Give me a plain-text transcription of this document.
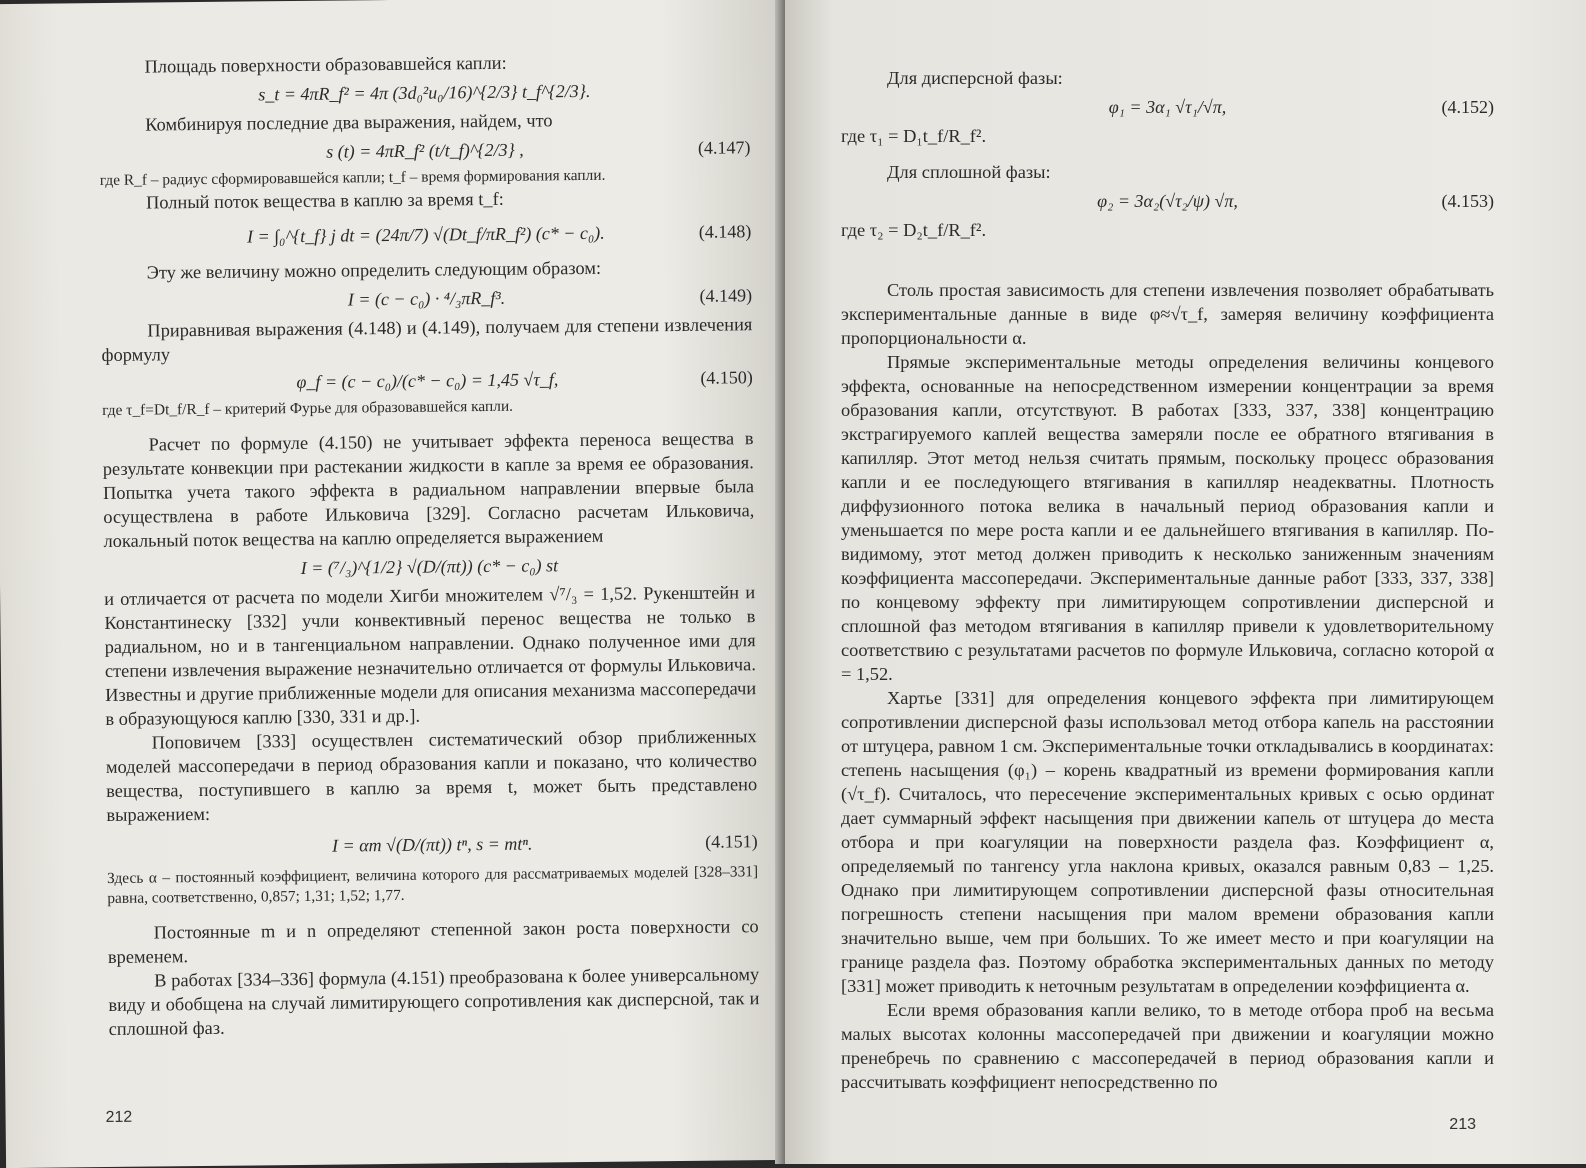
Площадь поверхности образовавшейся капли:

s_t = 4πR_f² = 4π (3d₀²u₀/16)^{2/3} t_f^{2/3}.

Комбинируя последние два выражения, найдем, что

s (t) = 4πR_f² (t/t_f)^{2/3} ,	(4.147)

где R_f – радиус сформировавшейся капли; t_f – время формирования капли.

Полный поток вещества в каплю за время t_f:

I = ∫₀^{t_f} j dt = (24π/7) √(Dt_f/πR_f²) (c* − c₀).	(4.148)

Эту же величину можно определить следующим образом:

I = (c − c₀) · ⁴/₃πR_f³.	(4.149)

Приравнивая выражения (4.148) и (4.149), получаем для степени извлечения формулу

φ_f = (c − c₀)/(c* − c₀) = 1,45 √τ_f,	(4.150)

где τ_f=Dt_f/R_f – критерий Фурье для образовавшейся капли.

Расчет по формуле (4.150) не учитывает эффекта переноса вещества в результате конвекции при растекании жидкости в капле за время ее образования. Попытка учета такого эффекта в радиальном направлении впервые была осуществлена в работе Ильковича [329]. Согласно расчетам Ильковича, локальный поток вещества на каплю определяется выражением

I = (⁷/₃)^{1/2} √(D/(πt)) (c* − c₀) st

и отличается от расчета по модели Хигби множителем √⁷/₃ = 1,52. Рукенштейн и Константинеску [332] учли конвективный перенос вещества не только в радиальном, но и в тангенциальном направлении. Однако полученное ими для степени извлечения выражение незначительно отличается от формулы Ильковича. Известны и другие приближенные модели для описания механизма массопередачи в образующуюся каплю [330, 331 и др.].

Поповичем [333] осуществлен систематический обзор приближенных моделей массопередачи в период образования капли и показано, что количество вещества, поступившего в каплю за время t, может быть представлено выражением:

I = αm √(D/(πt)) tⁿ, s = mtⁿ.	(4.151)

Здесь α – постоянный коэффициент, величина которого для рассматриваемых моделей [328–331] равна, соответственно, 0,857; 1,31; 1,52; 1,77.

Постоянные m и n определяют степенной закон роста поверхности со временем.

В работах [334–336] формула (4.151) преобразована к более универсальному виду и обобщена на случай лимитирующего сопротивления как дисперсной, так и сплошной фаз.

212

Для дисперсной фазы:

φ₁ = 3α₁ √τ₁/√π,	(4.152)

где τ₁ = D₁t_f/R_f².

Для сплошной фазы:

φ₂ = 3α₂(√τ₂/ψ) √π,	(4.153)

где τ₂ = D₂t_f/R_f².

Столь простая зависимость для степени извлечения позволяет обрабатывать экспериментальные данные в виде φ≈√τ_f, замеряя величину коэффициента пропорциональности α.

Прямые экспериментальные методы определения величины концевого эффекта, основанные на непосредственном измерении концентрации за время образования капли, отсутствуют. В работах [333, 337, 338] концентрацию экстрагируемого каплей вещества замеряли после ее обратного втягивания в капилляр. Этот метод нельзя считать прямым, поскольку процесс образования капли и ее последующего втягивания в капилляр неадекватны. Плотность диффузионного потока велика в начальный период образования капли и уменьшается по мере роста капли и ее дальнейшего втягивания в капилляр. По-видимому, этот метод должен приводить к несколько заниженным значениям коэффициента массопередачи. Экспериментальные данные работ [333, 337, 338] по концевому эффекту при лимитирующем сопротивлении дисперсной и сплошной фаз методом втягивания в капилляр привели к удовлетворительному соответствию с результатами расчетов по формуле Ильковича, согласно которой α = 1,52.

Хартье [331] для определения концевого эффекта при лимитирующем сопротивлении дисперсной фазы использовал метод отбора капель на расстоянии от штуцера, равном 1 см. Экспериментальные точки откладывались в координатах: степень насыщения (φ₁) – корень квадратный из времени формирования капли (√τ_f). Считалось, что пересечение экспериментальных кривых с осью ординат дает суммарный эффект насыщения при движении капель от штуцера до места отбора и при коагуляции на поверхности раздела фаз. Коэффициент α, определяемый по тангенсу угла наклона кривых, оказался равным 0,83 – 1,25. Однако при лимитирующем сопротивлении дисперсной фазы относительная погрешность степени насыщения при малом времени образования капли значительно выше, чем при больших. То же имеет место и при коагуляции на границе раздела фаз. Поэтому обработка экспериментальных данных по методу [331] может приводить к неточным результатам в определении коэффициента α.

Если время образования капли велико, то в методе отбора проб на весьма малых высотах колонны массопередачей при движении и коагуляции можно пренебречь по сравнению с массопередачей в период образования капли и рассчитывать коэффициент непосредственно по

213
